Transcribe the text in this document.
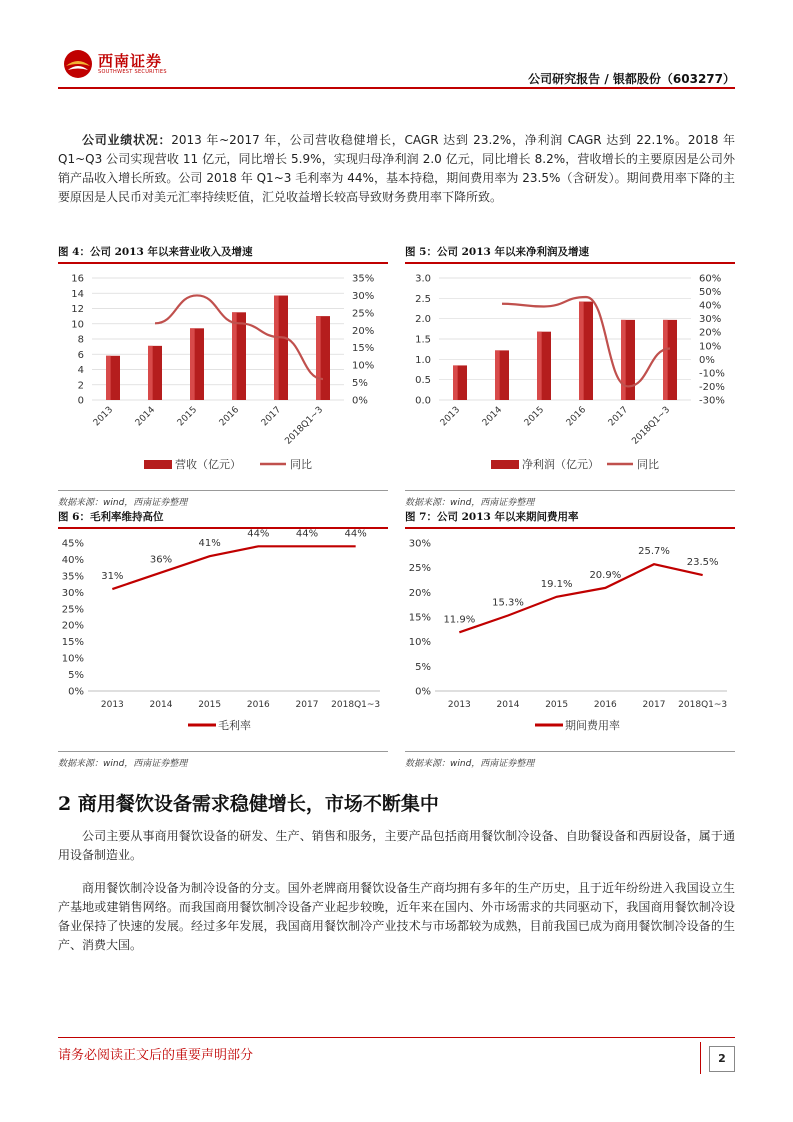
西南证券
SOUTHWEST SECURITIES	公司研究报告 / 银都股份（603277）
公司业绩状况：2013 年~2017 年，公司营收稳健增长，CAGR 达到 23.2%，净利润 CAGR 达到 22.1%。2018 年 Q1~Q3 公司实现营收 11 亿元，同比增长 5.9%，实现归母净利润 2.0 亿元，同比增长 8.2%，营收增长的主要原因是公司外销产品收入增长所致。公司 2018 年 Q1~3 毛利率为 44%，基本持稳，期间费用率为 23.5%（含研发）。期间费用率下降的主要原因是人民币对美元汇率持续贬值，汇兑收益增长较高导致财务费用率下降所致。
图 4：公司 2013 年以来营业收入及增速
0
2
4
6
8
10
12
14
16
0%
5%
10%
15%
20%
25%
30%
35%
2013 2014 2015 2016 2017 2018Q1~3
营收（亿元）	同比
数据来源：wind，西南证券整理
图 5：公司 2013 年以来净利润及增速
0.0
0.5
1.0
1.5
2.0
2.5
3.0
-30%
-20%
-10%
0%
10%
20%
30%
40%
50%
60%
2013 2014 2015 2016 2017 2018Q1~3
净利润（亿元）	同比
数据来源：wind，西南证券整理
图 6：毛利率维持高位
0%
5%
10%
15%
20%
25%
30%
35%
40%
45%
31%
36%
41%
44%	44%	44%
2013	2014	2015	2016	2017 2018Q1~3
毛利率
数据来源：wind，西南证券整理
图 7：公司 2013 年以来期间费用率
0%
5%
10%
15%
20%
25%
30%
11.9%
15.3%
19.1%
20.9%
25.7%
23.5%
2013	2014	2015	2016	2017 2018Q1~3
期间费用率
数据来源：wind，西南证券整理
2 商用餐饮设备需求稳健增长，市场不断集中
公司主要从事商用餐饮设备的研发、生产、销售和服务，主要产品包括商用餐饮制冷设备、自助餐设备和西厨设备，属于通用设备制造业。
商用餐饮制冷设备为制冷设备的分支。国外老牌商用餐饮设备生产商均拥有多年的生产历史，且于近年纷纷进入我国设立生产基地或建销售网络。而我国商用餐饮制冷设备产业起步较晚，近年来在国内、外市场需求的共同驱动下，我国商用餐饮制冷设备业保持了快速的发展。经过多年发展，我国商用餐饮制冷产业技术与市场都较为成熟，目前我国已成为商用餐饮制冷设备的生产、消费大国。
请务必阅读正文后的重要声明部分	2
